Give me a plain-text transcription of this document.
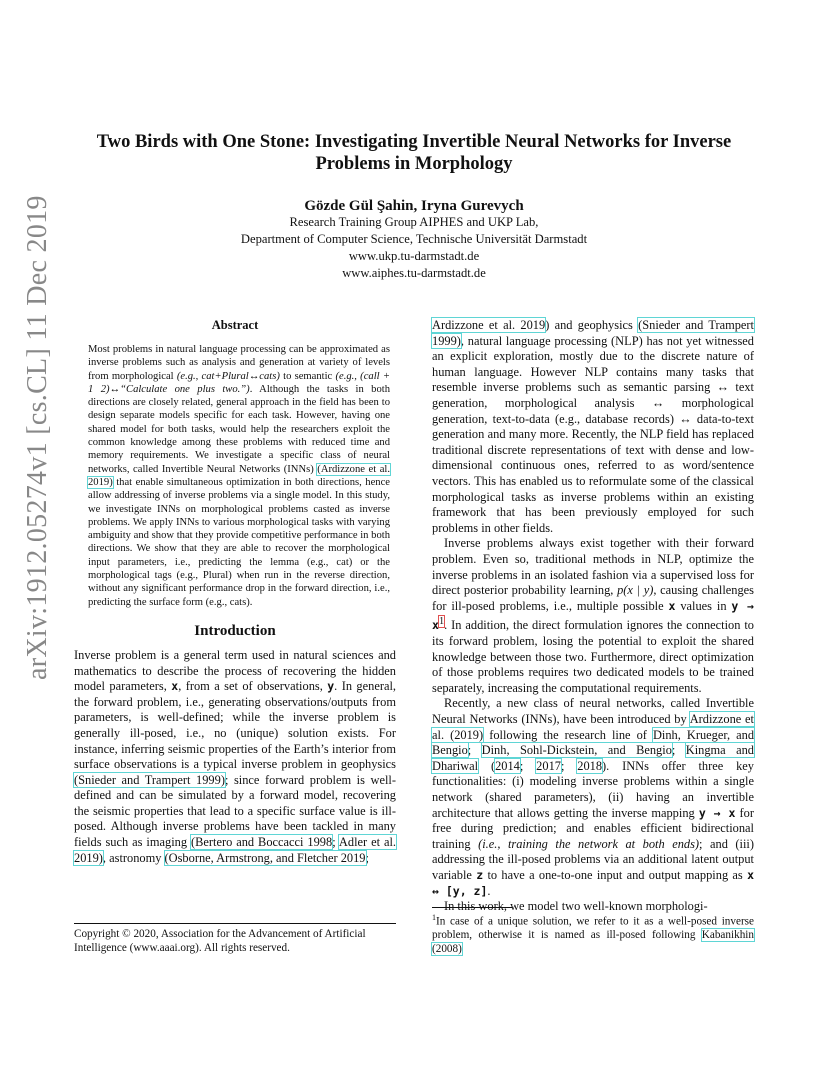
arXiv:1912.05274v1 [cs.CL] 11 Dec 2019
Two Birds with One Stone: Investigating Invertible Neural Networks for Inverse Problems in Morphology
Gözde Gül Şahin, Iryna Gurevych
Research Training Group AIPHES and UKP Lab,
Department of Computer Science, Technische Universität Darmstadt
www.ukp.tu-darmstadt.de
www.aiphes.tu-darmstadt.de
Abstract

Most problems in natural language processing can be approximated as inverse problems such as analysis and generation at variety of levels from morphological (e.g., cat+Plural↔cats) to semantic (e.g., (call + 1 2)↔“Calculate one plus two.”). Although the tasks in both directions are closely related, general approach in the field has been to design separate models specific for each task. However, having one shared model for both tasks, would help the researchers exploit the common knowledge among these problems with reduced time and memory requirements. We investigate a specific class of neural networks, called Invertible Neural Networks (INNs) (Ardizzone et al. 2019) that enable simultaneous optimization in both directions, hence allow addressing of inverse problems via a single model. In this study, we investigate INNs on morphological problems casted as inverse problems. We apply INNs to various morphological tasks with varying ambiguity and show that they provide competitive performance in both directions. We show that they are able to recover the morphological input parameters, i.e., predicting the lemma (e.g., cat) or the morphological tags (e.g., Plural) when run in the reverse direction, without any significant performance drop in the forward direction, i.e., predicting the surface form (e.g., cats).

Introduction

Inverse problem is a general term used in natural sciences and mathematics to describe the process of recovering the hidden model parameters, x, from a set of observations, y. In general, the forward problem, i.e., generating observations/outputs from parameters, is well-defined; while the inverse problem is generally ill-posed, i.e., no (unique) solution exists. For instance, inferring seismic properties of the Earth’s interior from surface observations is a typical inverse problem in geophysics (Snieder and Trampert 1999); since forward problem is well-defined and can be simulated by a forward model, recovering the seismic properties that lead to a specific surface value is ill-posed. Although inverse problems have been tackled in many fields such as imaging (Bertero and Boccacci 1998; Adler et al. 2019), astronomy (Osborne, Armstrong, and Fletcher 2019;

Copyright © 2020, Association for the Advancement of Artificial Intelligence (www.aaai.org). All rights reserved.

Ardizzone et al. 2019) and geophysics (Snieder and Trampert 1999), natural language processing (NLP) has not yet witnessed an explicit exploration, mostly due to the discrete nature of human language. However NLP contains many tasks that resemble inverse problems such as semantic parsing ↔ text generation, morphological analysis ↔ morphological generation, text-to-data (e.g., database records) ↔ data-to-text generation and many more. Recently, the NLP field has replaced traditional discrete representations of text with dense and low-dimensional continuous ones, referred to as word/sentence vectors. This has enabled us to reformulate some of the classical morphological tasks as inverse problems within an existing framework that has been previously employed for such problems in other fields.

Inverse problems always exist together with their forward problem. Even so, traditional methods in NLP, optimize the inverse problems in an isolated fashion via a supervised loss for direct posterior probability learning, p(x | y), causing challenges for ill-posed problems, i.e., multiple possible x values in y → x$^1$. In addition, the direct formulation ignores the connection to its forward problem, losing the potential to exploit the shared knowledge between those two. Furthermore, direct optimization of those problems requires two dedicated models to be trained separately, increasing the computational requirements.

Recently, a new class of neural networks, called Invertible Neural Networks (INNs), have been introduced by Ardizzone et al. (2019) following the research line of Dinh, Krueger, and Bengio; Dinh, Sohl-Dickstein, and Bengio; Kingma and Dhariwal (2014; 2017; 2018). INNs offer three key functionalities: (i) modeling inverse problems within a single network (shared parameters), (ii) having an invertible architecture that allows getting the inverse mapping y → x for free during prediction; and enables efficient bidirectional training (i.e., training the network at both ends); and (iii) addressing the ill-posed problems via an additional latent output variable z to have a one-to-one input and output mapping as x ↔ [y, z].

In this work, we model two well-known morphologi-

$^1$In case of a unique solution, we refer to it as a well-posed inverse problem, otherwise it is named as ill-posed following Kabanikhin (2008)
